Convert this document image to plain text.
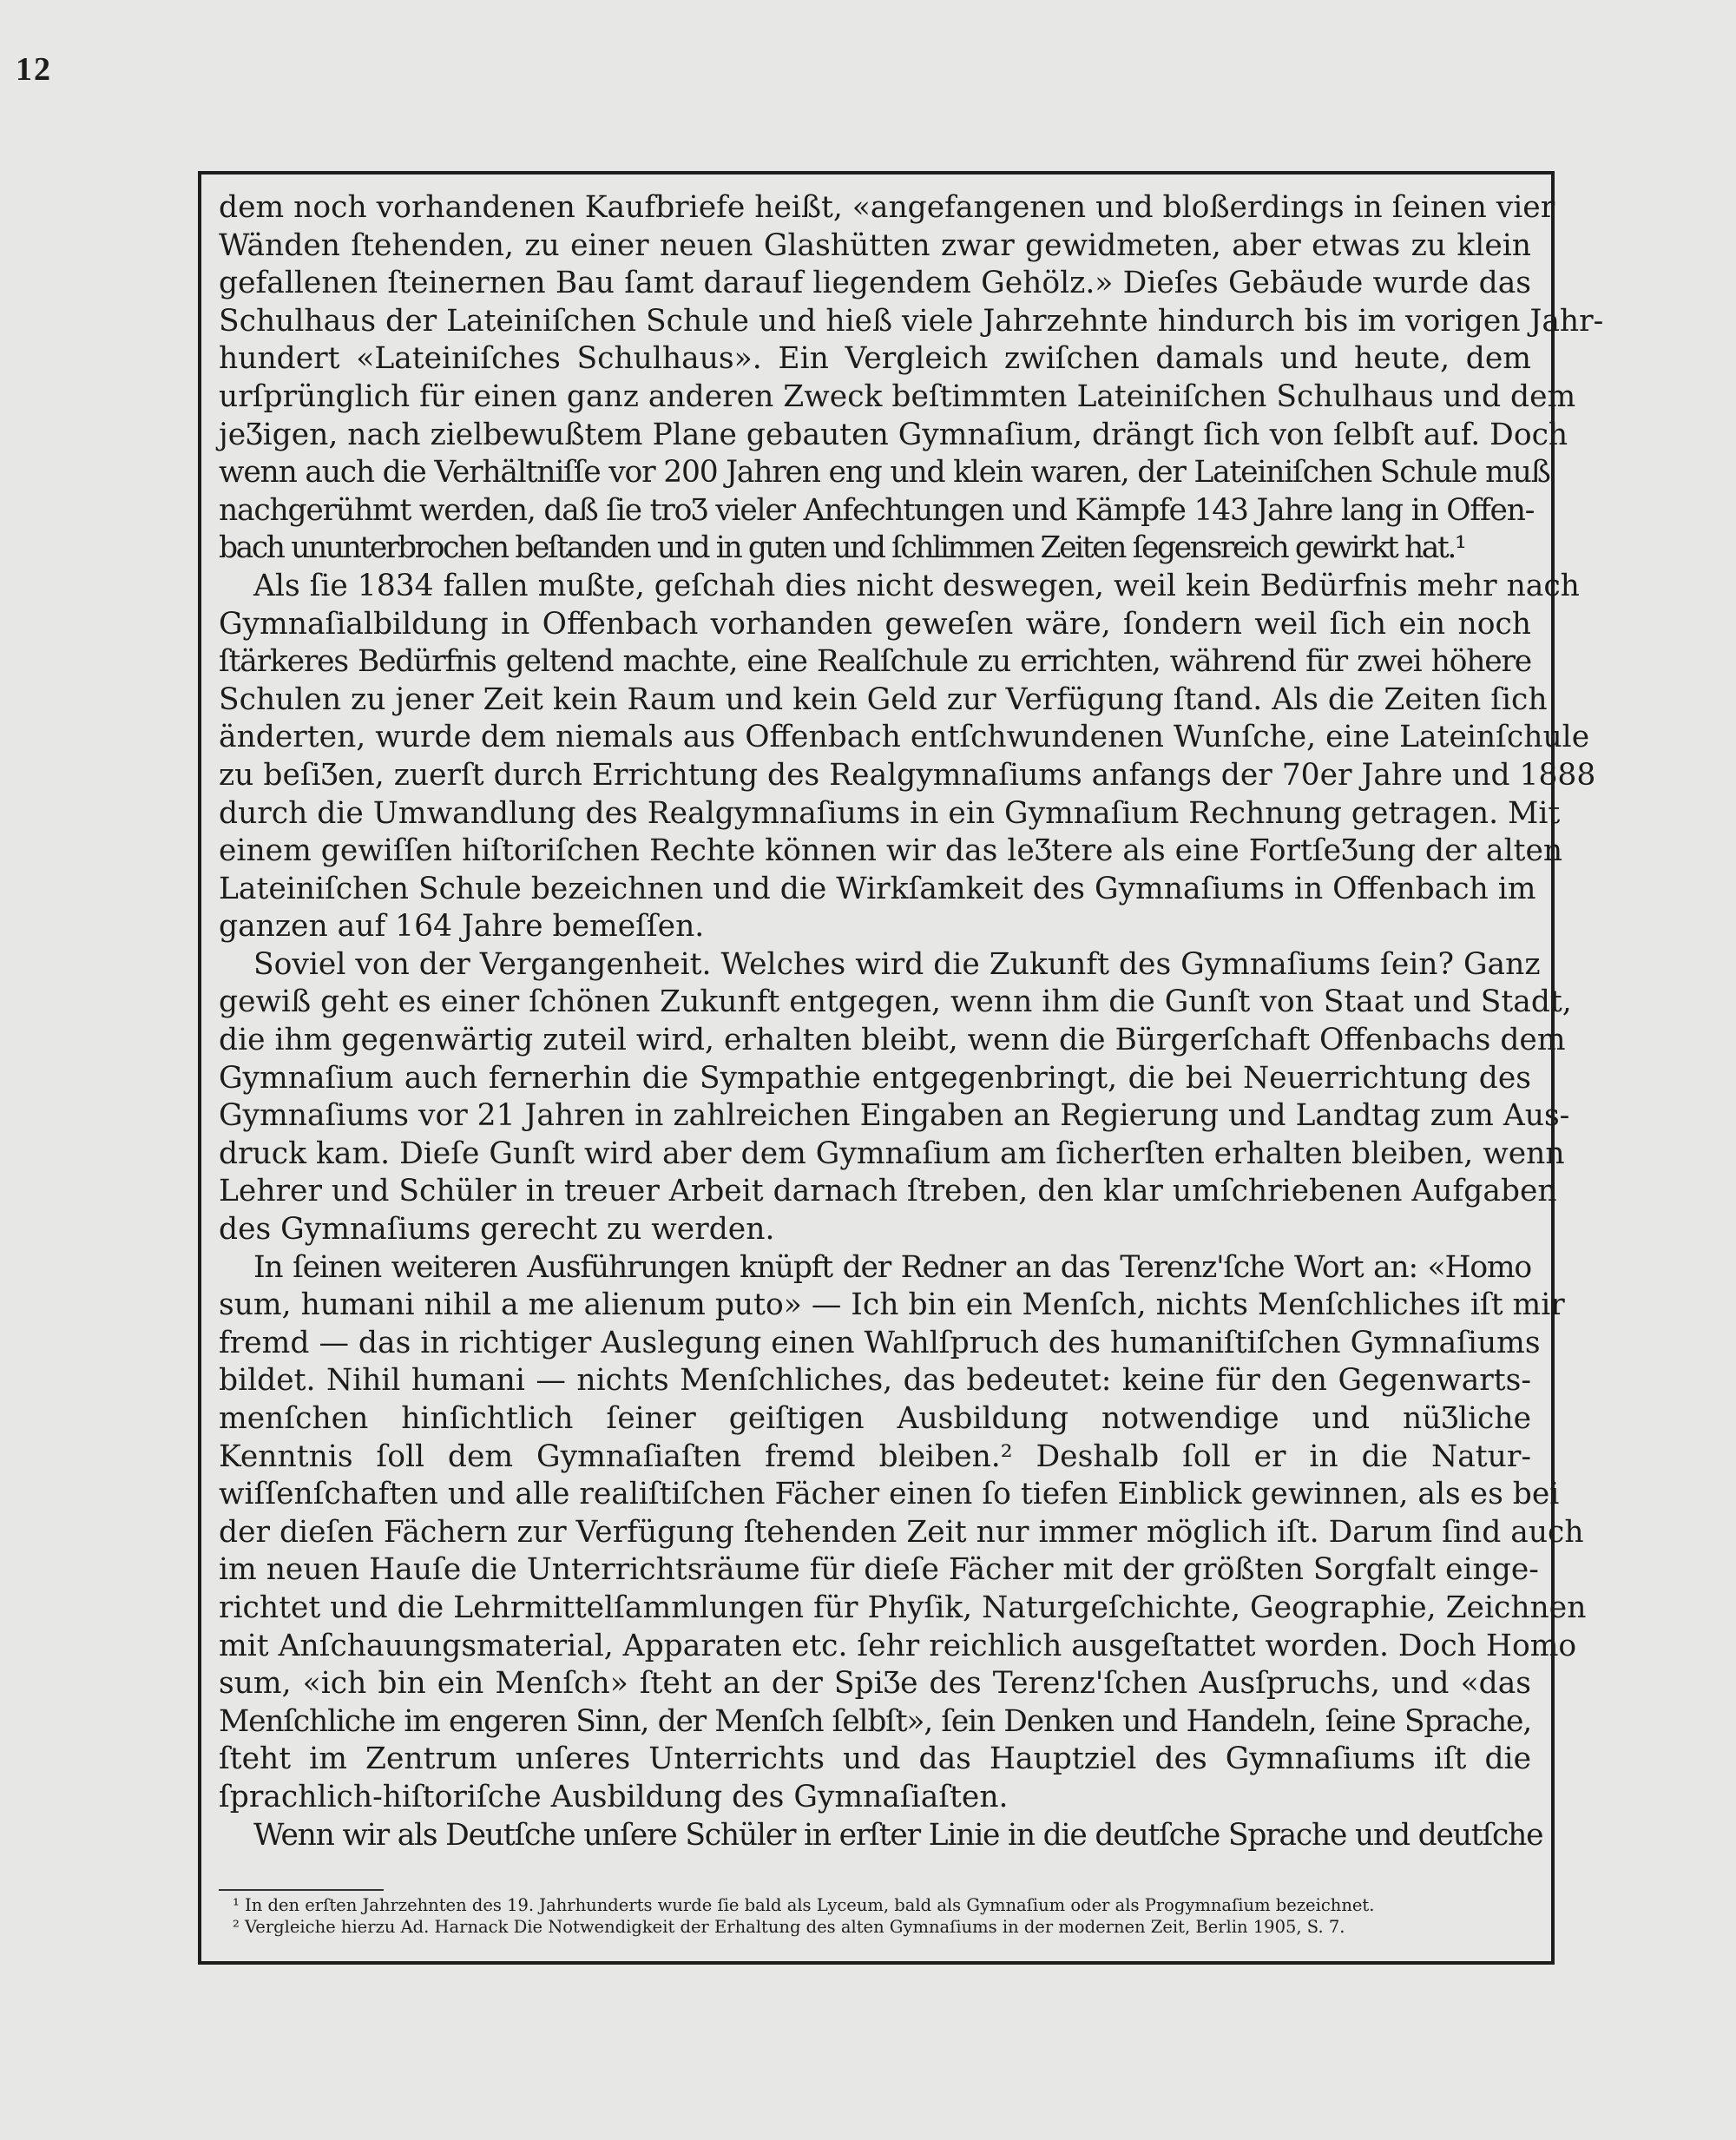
12
dem noch vorhandenen Kaufbriefe heißt, «angefangenen und bloßerdings in ſeinen vier
Wänden ſtehenden, zu einer neuen Glashütten zwar gewidmeten, aber etwas zu klein
gefallenen ſteinernen Bau ſamt darauf liegendem Gehölz.» Dieſes Gebäude wurde das
Schulhaus der Lateiniſchen Schule und hieß viele Jahrzehnte hindurch bis im vorigen Jahr-
hundert «Lateiniſches Schulhaus». Ein Vergleich zwiſchen damals und heute, dem
urſprünglich für einen ganz anderen Zweck beſtimmten Lateiniſchen Schulhaus und dem
jeƷigen, nach zielbewußtem Plane gebauten Gymnaſium, drängt ſich von ſelbſt auf. Doch
wenn auch die Verhältniſſe vor 200 Jahren eng und klein waren, der Lateiniſchen Schule muß
nachgerühmt werden, daß ſie troƷ vieler Anfechtungen und Kämpfe 143 Jahre lang in Offen-
bach ununterbrochen beſtanden und in guten und ſchlimmen Zeiten ſegensreich gewirkt hat.¹
Als ſie 1834 fallen mußte, geſchah dies nicht deswegen, weil kein Bedürfnis mehr nach
Gymnaſialbildung in Offenbach vorhanden geweſen wäre, ſondern weil ſich ein noch
ſtärkeres Bedürfnis geltend machte, eine Realſchule zu errichten, während für zwei höhere
Schulen zu jener Zeit kein Raum und kein Geld zur Verfügung ſtand. Als die Zeiten ſich
änderten, wurde dem niemals aus Offenbach entſchwundenen Wunſche, eine Lateinſchule
zu beſiƷen, zuerſt durch Errichtung des Realgymnaſiums anfangs der 70er Jahre und 1888
durch die Umwandlung des Realgymnaſiums in ein Gymnaſium Rechnung getragen. Mit
einem gewiſſen hiſtoriſchen Rechte können wir das leƷtere als eine FortſeƷung der alten
Lateiniſchen Schule bezeichnen und die Wirkſamkeit des Gymnaſiums in Offenbach im
ganzen auf 164 Jahre bemeſſen.
Soviel von der Vergangenheit. Welches wird die Zukunft des Gymnaſiums ſein? Ganz
gewiß geht es einer ſchönen Zukunft entgegen, wenn ihm die Gunſt von Staat und Stadt,
die ihm gegenwärtig zuteil wird, erhalten bleibt, wenn die Bürgerſchaft Offenbachs dem
Gymnaſium auch fernerhin die Sympathie entgegenbringt, die bei Neuerrichtung des
Gymnaſiums vor 21 Jahren in zahlreichen Eingaben an Regierung und Landtag zum Aus-
druck kam. Dieſe Gunſt wird aber dem Gymnaſium am ſicherſten erhalten bleiben, wenn
Lehrer und Schüler in treuer Arbeit darnach ſtreben, den klar umſchriebenen Aufgaben
des Gymnaſiums gerecht zu werden.
In ſeinen weiteren Ausführungen knüpft der Redner an das Terenz'ſche Wort an: «Homo
sum, humani nihil a me alienum puto» — Ich bin ein Menſch, nichts Menſchliches iſt mir
fremd — das in richtiger Auslegung einen Wahlſpruch des humaniſtiſchen Gymnaſiums
bildet. Nihil humani — nichts Menſchliches, das bedeutet: keine für den Gegenwarts-
menſchen hinſichtlich ſeiner geiſtigen Ausbildung notwendige und nüƷliche
Kenntnis ſoll dem Gymnaſiaſten fremd bleiben.² Deshalb ſoll er in die Natur-
wiſſenſchaften und alle realiſtiſchen Fächer einen ſo tiefen Einblick gewinnen, als es bei
der dieſen Fächern zur Verfügung ſtehenden Zeit nur immer möglich iſt. Darum ſind auch
im neuen Hauſe die Unterrichtsräume für dieſe Fächer mit der größten Sorgfalt einge-
richtet und die Lehrmittelſammlungen für Phyſik, Naturgeſchichte, Geographie, Zeichnen
mit Anſchauungsmaterial, Apparaten etc. ſehr reichlich ausgeſtattet worden. Doch Homo
sum, «ich bin ein Menſch» ſteht an der SpiƷe des Terenz'ſchen Ausſpruchs, und «das
Menſchliche im engeren Sinn, der Menſch ſelbſt», ſein Denken und Handeln, ſeine Sprache,
ſteht im Zentrum unſeres Unterrichts und das Hauptziel des Gymnaſiums iſt die
ſprachlich-hiſtoriſche Ausbildung des Gymnaſiaſten.
Wenn wir als Deutſche unſere Schüler in erſter Linie in die deutſche Sprache und deutſche
¹ In den erſten Jahrzehnten des 19. Jahrhunderts wurde ſie bald als Lyceum, bald als Gymnaſium oder als Progymnaſium bezeichnet.
² Vergleiche hierzu Ad. Harnack Die Notwendigkeit der Erhaltung des alten Gymnaſiums in der modernen Zeit, Berlin 1905, S. 7.
